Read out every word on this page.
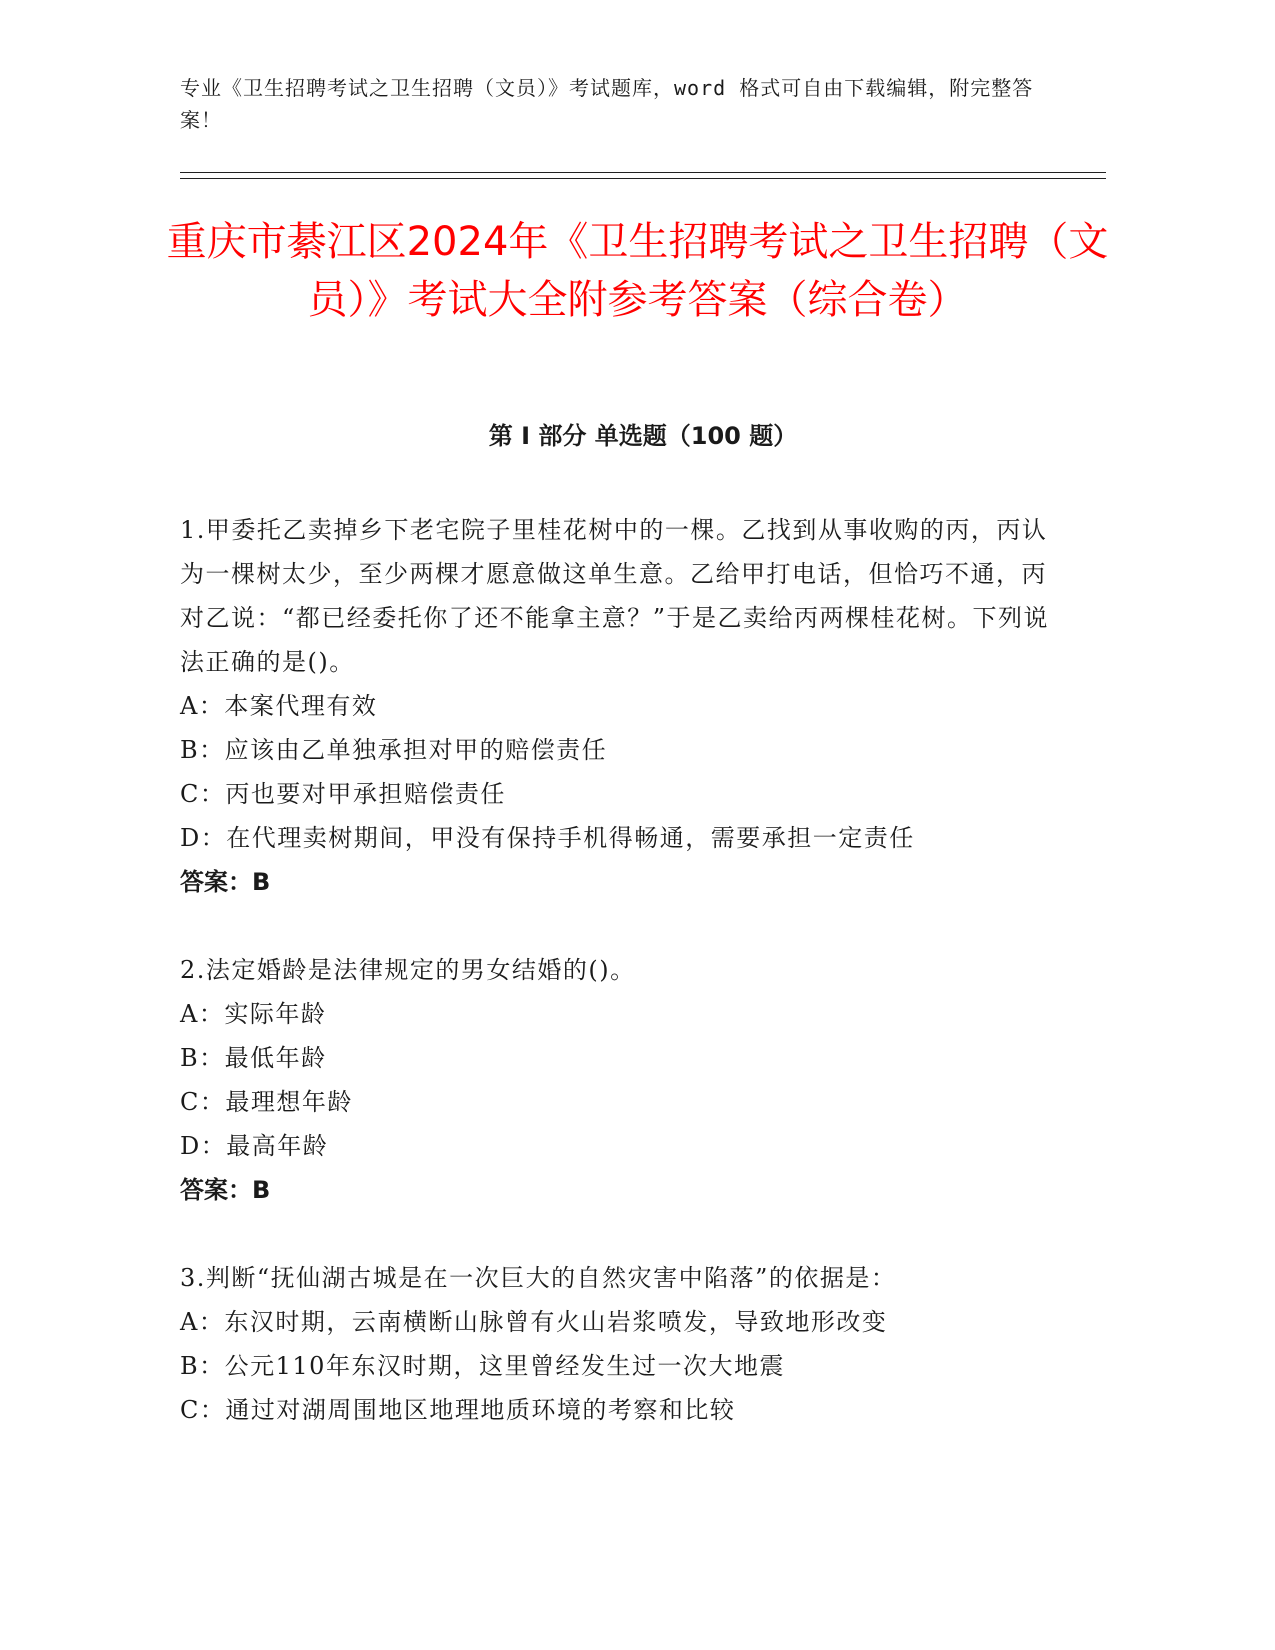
专业《卫生招聘考试之卫生招聘（文员）》考试题库，word 格式可自由下载编辑，附完整答案！
重庆市綦江区2024年《卫生招聘考试之卫生招聘（文员）》考试大全附参考答案（综合卷）
第 I 部分 单选题（100 题）
1.甲委托乙卖掉乡下老宅院子里桂花树中的一棵。乙找到从事收购的丙，丙认为一棵树太少，至少两棵才愿意做这单生意。乙给甲打电话，但恰巧不通，丙对乙说：“都已经委托你了还不能拿主意？”于是乙卖给丙两棵桂花树。下列说法正确的是()。
A：本案代理有效
B：应该由乙单独承担对甲的赔偿责任
C：丙也要对甲承担赔偿责任
D：在代理卖树期间，甲没有保持手机得畅通，需要承担一定责任
答案：B
2.法定婚龄是法律规定的男女结婚的()。
A：实际年龄
B：最低年龄
C：最理想年龄
D：最高年龄
答案：B
3.判断“抚仙湖古城是在一次巨大的自然灾害中陷落”的依据是：
A：东汉时期，云南横断山脉曾有火山岩浆喷发，导致地形改变
B：公元110年东汉时期，这里曾经发生过一次大地震
C：通过对湖周围地区地理地质环境的考察和比较
